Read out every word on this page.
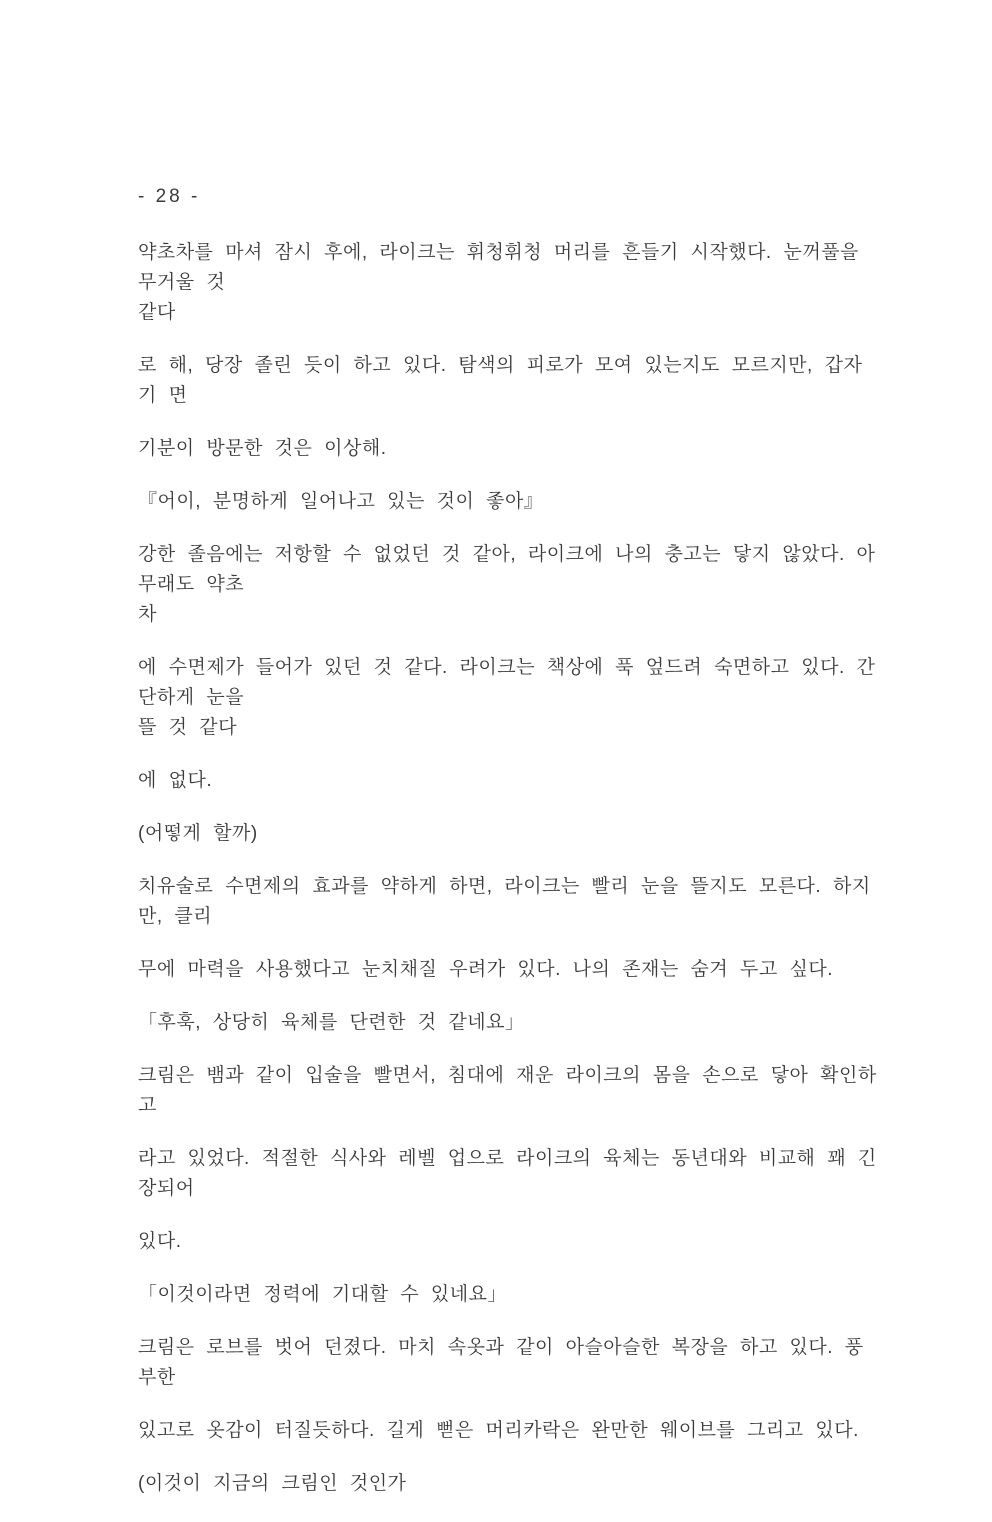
- 28 -
약초차를 마셔 잠시 후에, 라이크는 휘청휘청 머리를 흔들기 시작했다. 눈꺼풀을 무거울 것
같다
로 해, 당장 졸린 듯이 하고 있다. 탐색의 피로가 모여 있는지도 모르지만, 갑자기 면
기분이 방문한 것은 이상해.
『어이, 분명하게 일어나고 있는 것이 좋아』
강한 졸음에는 저항할 수 없었던 것 같아, 라이크에 나의 충고는 닿지 않았다. 아무래도 약초
차
에 수면제가 들어가 있던 것 같다. 라이크는 책상에 푹 엎드려 숙면하고 있다. 간단하게 눈을
뜰 것 같다
에 없다.
(어떻게 할까)
치유술로 수면제의 효과를 약하게 하면, 라이크는 빨리 눈을 뜰지도 모른다. 하지만, 클리
무에 마력을 사용했다고 눈치채질 우려가 있다. 나의 존재는 숨겨 두고 싶다.
「후훅, 상당히 육체를 단련한 것 같네요」
크림은 뱀과 같이 입술을 빨면서, 침대에 재운 라이크의 몸을 손으로 닿아 확인하고
라고 있었다. 적절한 식사와 레벨 업으로 라이크의 육체는 동년대와 비교해 꽤 긴장되어
있다.
「이것이라면 정력에 기대할 수 있네요」
크림은 로브를 벗어 던졌다. 마치 속옷과 같이 아슬아슬한 복장을 하고 있다. 풍부한
있고로 옷감이 터질듯하다. 길게 뻗은 머리카락은 완만한 웨이브를 그리고 있다.
(이것이 지금의 크림인 것인가
